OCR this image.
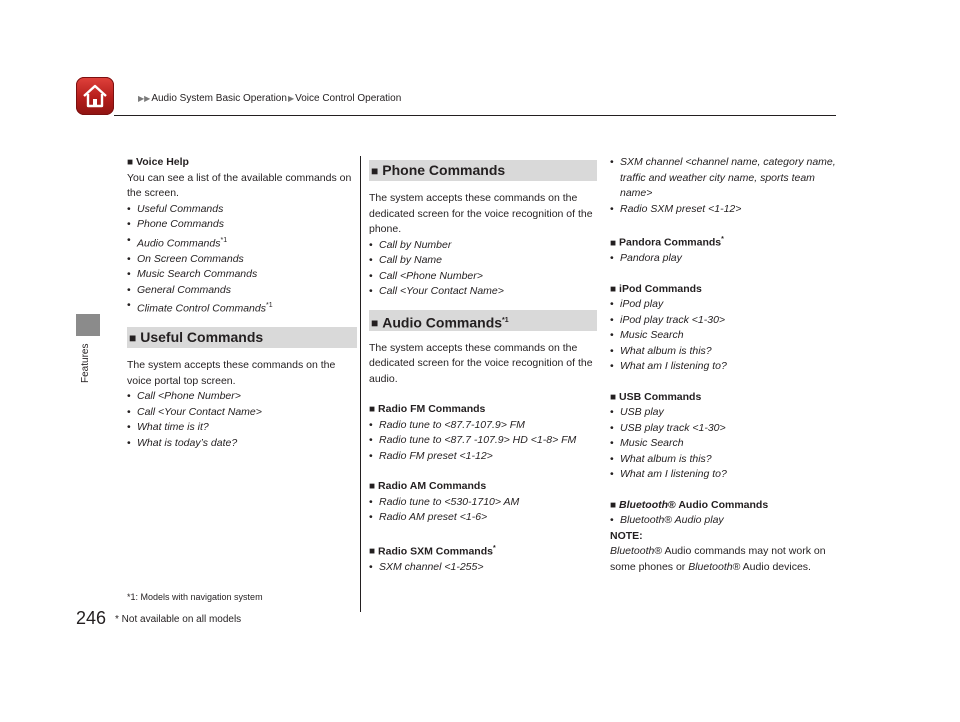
▶▶Audio System Basic Operation▶Voice Control Operation
Features
■ Voice Help

You can see a list of the available commands on the screen.

• Useful Commands
• Phone Commands
• Audio Commands$^{*1}$
• On Screen Commands
• Music Search Commands
• General Commands
• Climate Control Commands$^{*1}$
■ Useful Commands

The system accepts these commands on the voice portal top screen.

• Call <Phone Number>
• Call <Your Contact Name>
• What time is it?
• What is today’s date?
*1: Models with navigation system
■ Phone Commands

The system accepts these commands on the dedicated screen for the voice recognition of the phone.

• Call by Number
• Call by Name
• Call <Phone Number>
• Call <Your Contact Name>
■ Audio Commands$^{*1}$

The system accepts these commands on the dedicated screen for the voice recognition of the audio.

■ Radio FM Commands
• Radio tune to <87.7-107.9> FM
• Radio tune to <87.7 -107.9> HD <1-8> FM
• Radio FM preset <1-12>
■ Radio AM Commands
• Radio tune to <530-1710> AM
• Radio AM preset <1-6>
■ Radio SXM Commands*
• SXM channel <1-255>
• SXM channel <channel name, category name, traffic and weather city name, sports team name>
• Radio SXM preset <1-12>
■ Pandora Commands*
• Pandora play
■ iPod Commands
• iPod play
• iPod play track <1-30>
• Music Search
• What album is this?
• What am I listening to?
■ USB Commands
• USB play
• USB play track <1-30>
• Music Search
• What album is this?
• What am I listening to?
■ Bluetooth® Audio Commands
• Bluetooth® Audio play
NOTE:

Bluetooth® Audio commands may not work on some phones or Bluetooth® Audio devices.

246 * Not available on all models
